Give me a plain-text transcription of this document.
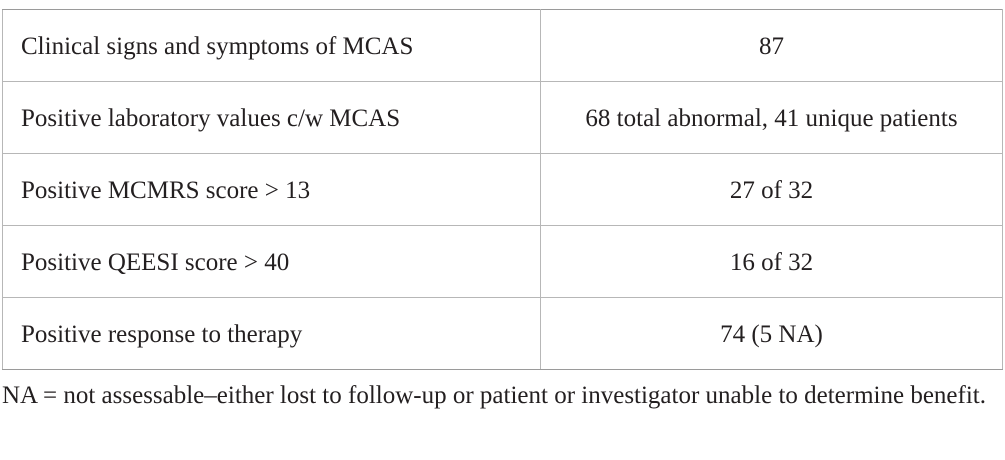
Clinical signs and symptoms of MCAS	87
Positive laboratory values c/w MCAS	68 total abnormal, 41 unique patients
Positive MCMRS score > 13	27 of 32
Positive QEESI score > 40	16 of 32
Positive response to therapy	74 (5 NA)
NA = not assessable–either lost to follow-up or patient or investigator unable to determine benefit.
